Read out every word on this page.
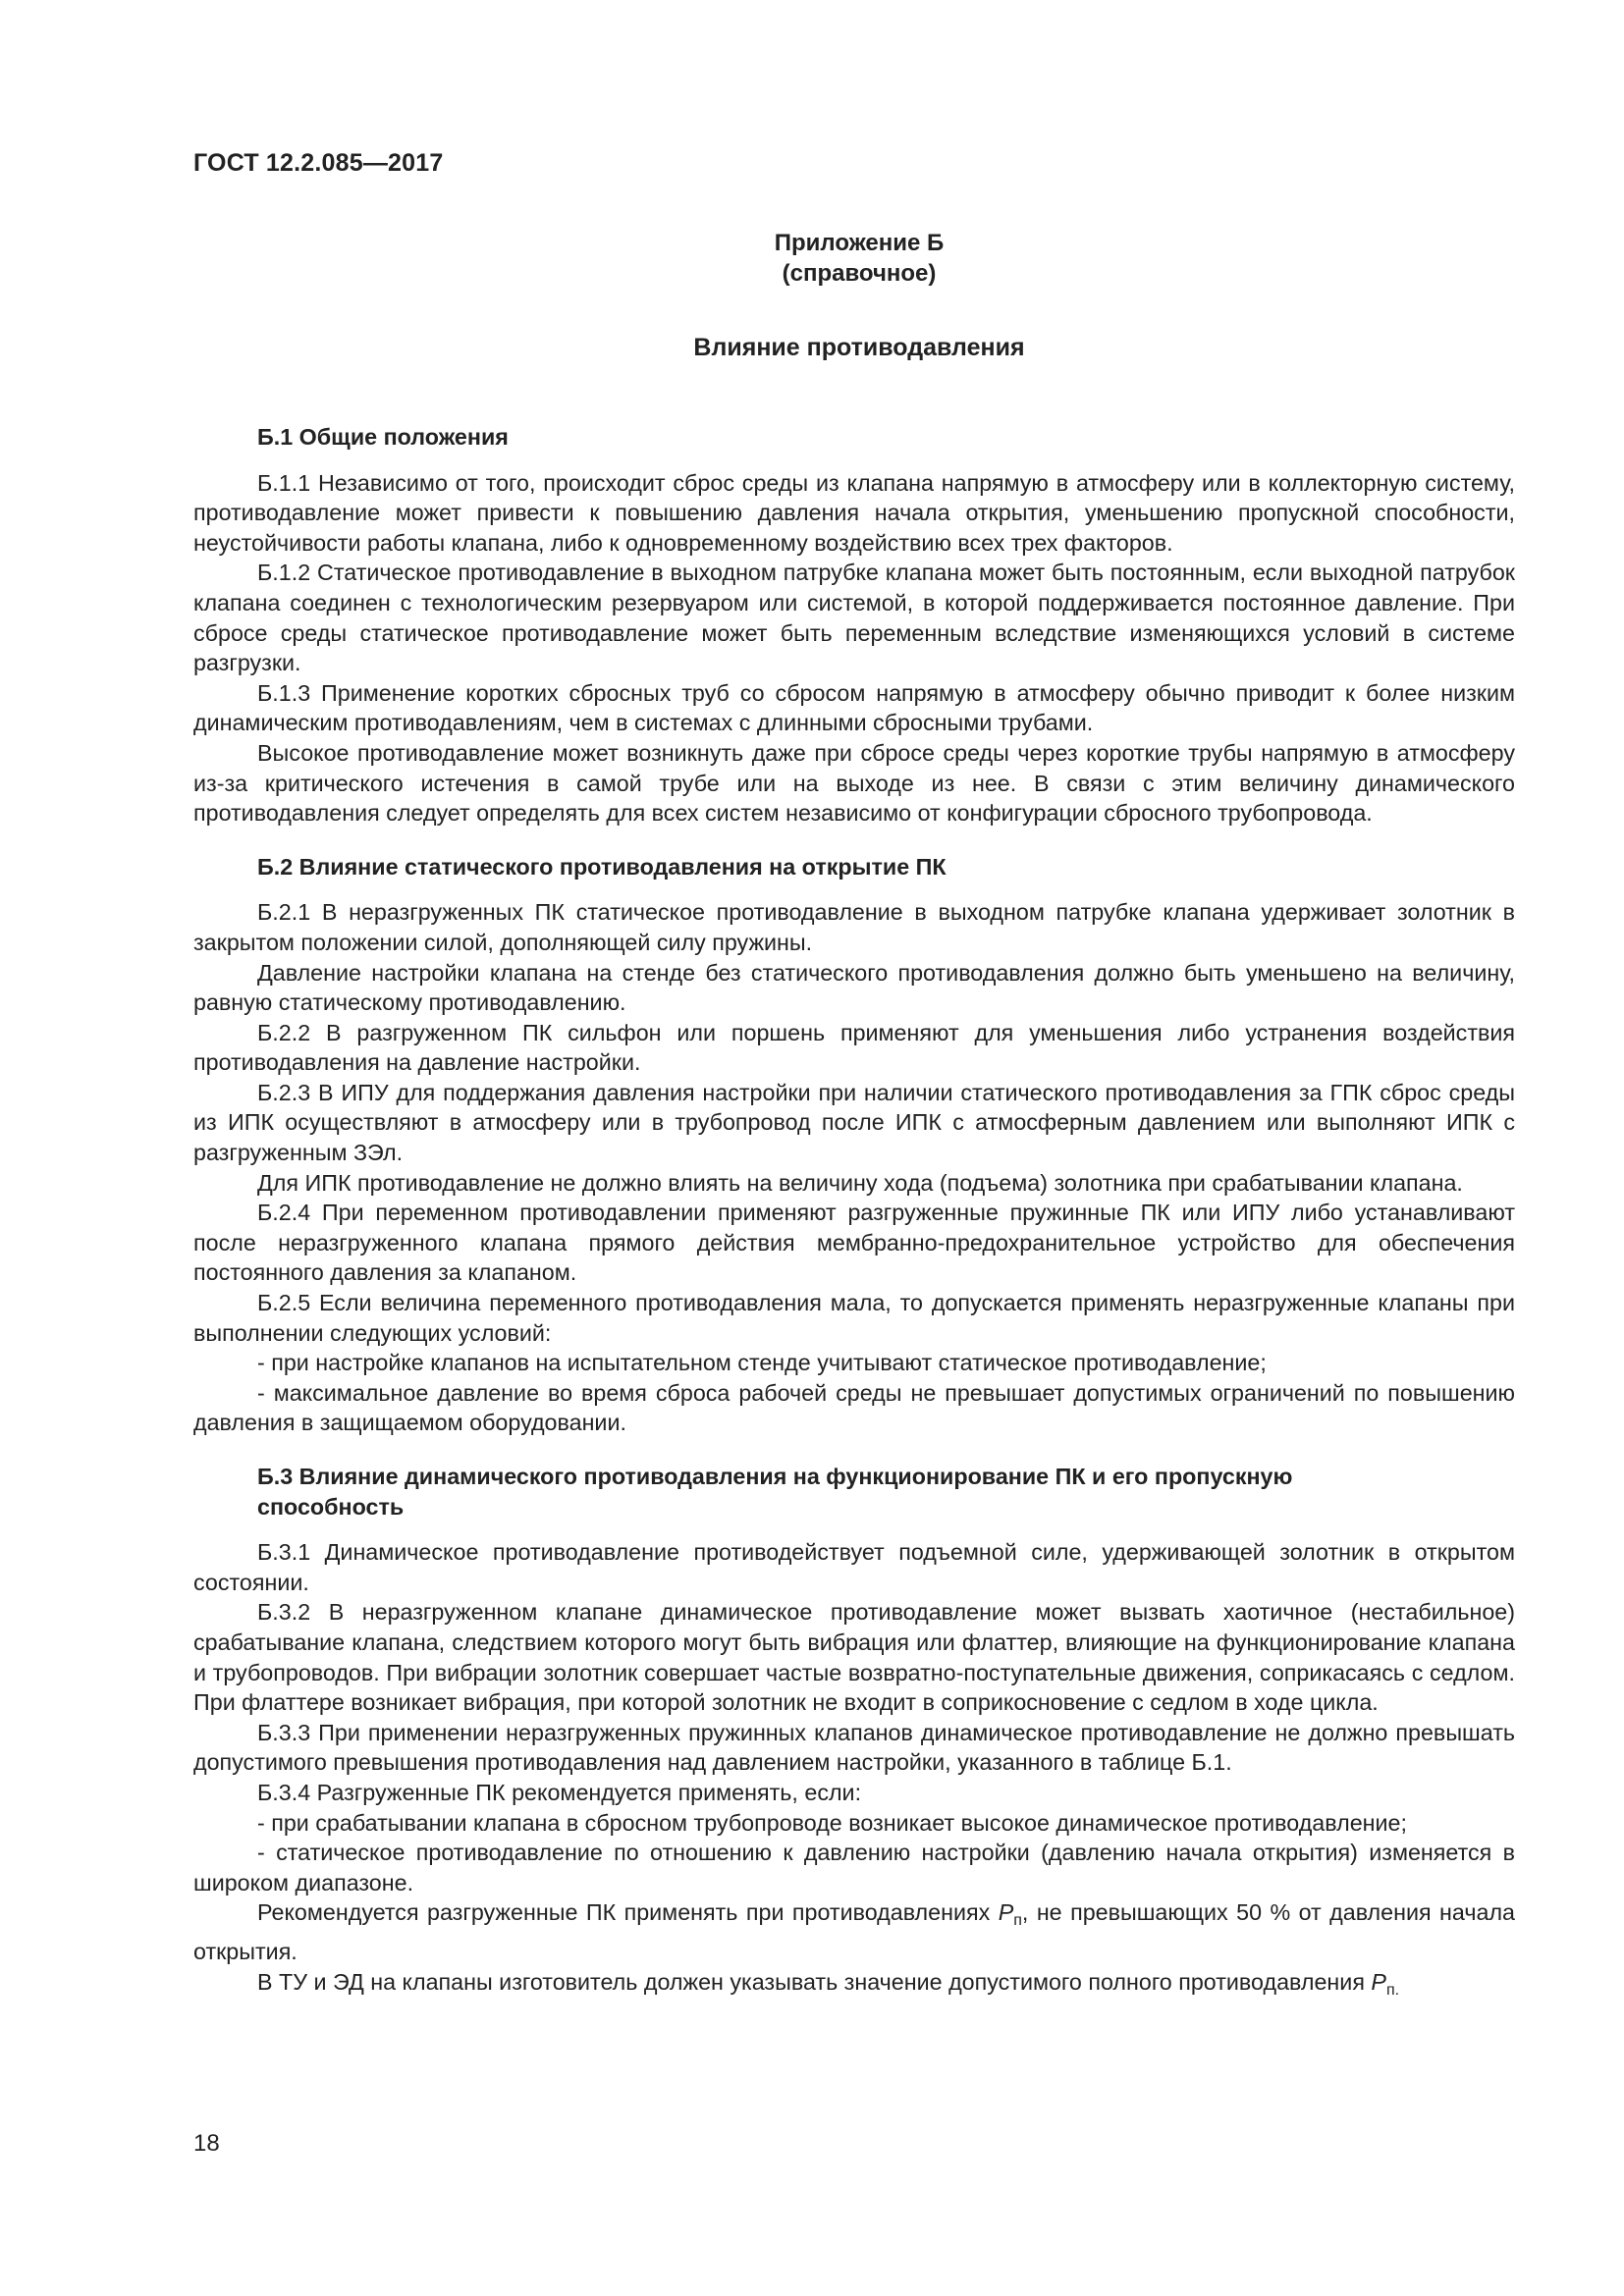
ГОСТ 12.2.085—2017
Приложение Б
(справочное)
Влияние противодавления
Б.1 Общие положения

Б.1.1 Независимо от того, происходит сброс среды из клапана напрямую в атмосферу или в коллекторную систему, противодавление может привести к повышению давления начала открытия, уменьшению пропускной способности, неустойчивости работы клапана, либо к одновременному воздействию всех трех факторов.

Б.1.2 Статическое противодавление в выходном патрубке клапана может быть постоянным, если выходной патрубок клапана соединен с технологическим резервуаром или системой, в которой поддерживается постоянное давление. При сбросе среды статическое противодавление может быть переменным вследствие изменяющихся условий в системе разгрузки.

Б.1.3 Применение коротких сбросных труб со сбросом напрямую в атмосферу обычно приводит к более низким динамическим противодавлениям, чем в системах с длинными сбросными трубами.

Высокое противодавление может возникнуть даже при сбросе среды через короткие трубы напрямую в атмосферу из-за критического истечения в самой трубе или на выходе из нее. В связи с этим величину динамического противодавления следует определять для всех систем независимо от конфигурации сбросного трубопровода.

Б.2 Влияние статического противодавления на открытие ПК

Б.2.1 В неразгруженных ПК статическое противодавление в выходном патрубке клапана удерживает золотник в закрытом положении силой, дополняющей силу пружины.

Давление настройки клапана на стенде без статического противодавления должно быть уменьшено на величину, равную статическому противодавлению.

Б.2.2 В разгруженном ПК сильфон или поршень применяют для уменьшения либо устранения воздействия противодавления на давление настройки.

Б.2.3 В ИПУ для поддержания давления настройки при наличии статического противодавления за ГПК сброс среды из ИПК осуществляют в атмосферу или в трубопровод после ИПК с атмосферным давлением или выполняют ИПК с разгруженным ЗЭл.

Для ИПК противодавление не должно влиять на величину хода (подъема) золотника при срабатывании клапана.

Б.2.4 При переменном противодавлении применяют разгруженные пружинные ПК или ИПУ либо устанавливают после неразгруженного клапана прямого действия мембранно-предохранительное устройство для обеспечения постоянного давления за клапаном.

Б.2.5 Если величина переменного противодавления мала, то допускается применять неразгруженные клапаны при выполнении следующих условий:

- при настройке клапанов на испытательном стенде учитывают статическое противодавление;

- максимальное давление во время сброса рабочей среды не превышает допустимых ограничений по повышению давления в защищаемом оборудовании.

Б.3 Влияние динамического противодавления на функционирование ПК и его пропускную
способность

Б.3.1 Динамическое противодавление противодействует подъемной силе, удерживающей золотник в открытом состоянии.

Б.3.2 В неразгруженном клапане динамическое противодавление может вызвать хаотичное (нестабильное) срабатывание клапана, следствием которого могут быть вибрация или флаттер, влияющие на функционирование клапана и трубопроводов. При вибрации золотник совершает частые возвратно-поступательные движения, соприкасаясь с седлом. При флаттере возникает вибрация, при которой золотник не входит в соприкосновение с седлом в ходе цикла.

Б.3.3 При применении неразгруженных пружинных клапанов динамическое противодавление не должно превышать допустимого превышения противодавления над давлением настройки, указанного в таблице Б.1.

Б.3.4 Разгруженные ПК рекомендуется применять, если:

- при срабатывании клапана в сбросном трубопроводе возникает высокое динамическое противодавление;

- статическое противодавление по отношению к давлению настройки (давлению начала открытия) изменяется в широком диапазоне.

Рекомендуется разгруженные ПК применять при противодавлениях $P_п$, не превышающих 50 % от давления начала открытия.

В ТУ и ЭД на клапаны изготовитель должен указывать значение допустимого полного противодавления $P_{п.}$

18
